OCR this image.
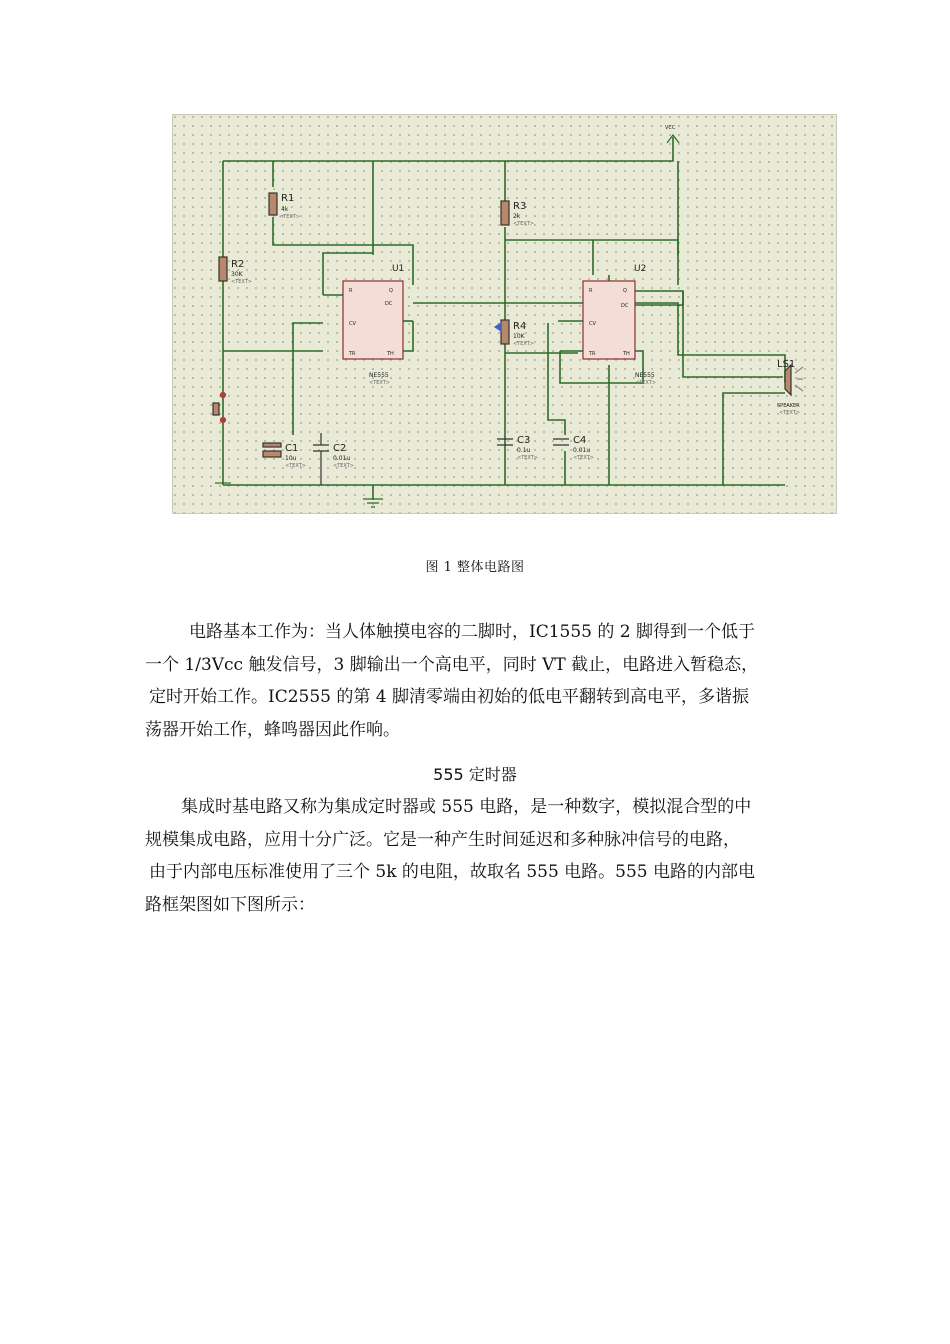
R1
4k
<TEXT>
R2
30K
<TEXT>
R3
2k
<TEXT>
R4
10K
<TEXT>
C1
10u
<TEXT>
C2
0.01u
<TEXT>
C3
0.1u
<TEXT>
C4
0.01u
<TEXT>
U1	U2
NE555
<TEXT>
NE555
<TEXT>
LS1
SPEAKER
<TEXT>
VCC
R	Q
DC
CV
TR	TH
R	Q
DC
CV
TR	TH
图 1 整体电路图

电路基本工作为：当人体触摸电容的二脚时，IC1555 的 2 脚得到一个低于

一个 1/3Vcc 触发信号，3 脚输出一个高电平，同时 VT 截止，电路进入暂稳态，

定时开始工作。IC2555 的第 4 脚清零端由初始的低电平翻转到高电平，多谐振

荡器开始工作，蜂鸣器因此作响。

555 定时器

集成时基电路又称为集成定时器或 555 电路，是一种数字，模拟混合型的中

规模集成电路，应用十分广泛。它是一种产生时间延迟和多种脉冲信号的电路，

由于内部电压标准使用了三个 5k 的电阻，故取名 555 电路。555 电路的内部电

路框架图如下图所示：
